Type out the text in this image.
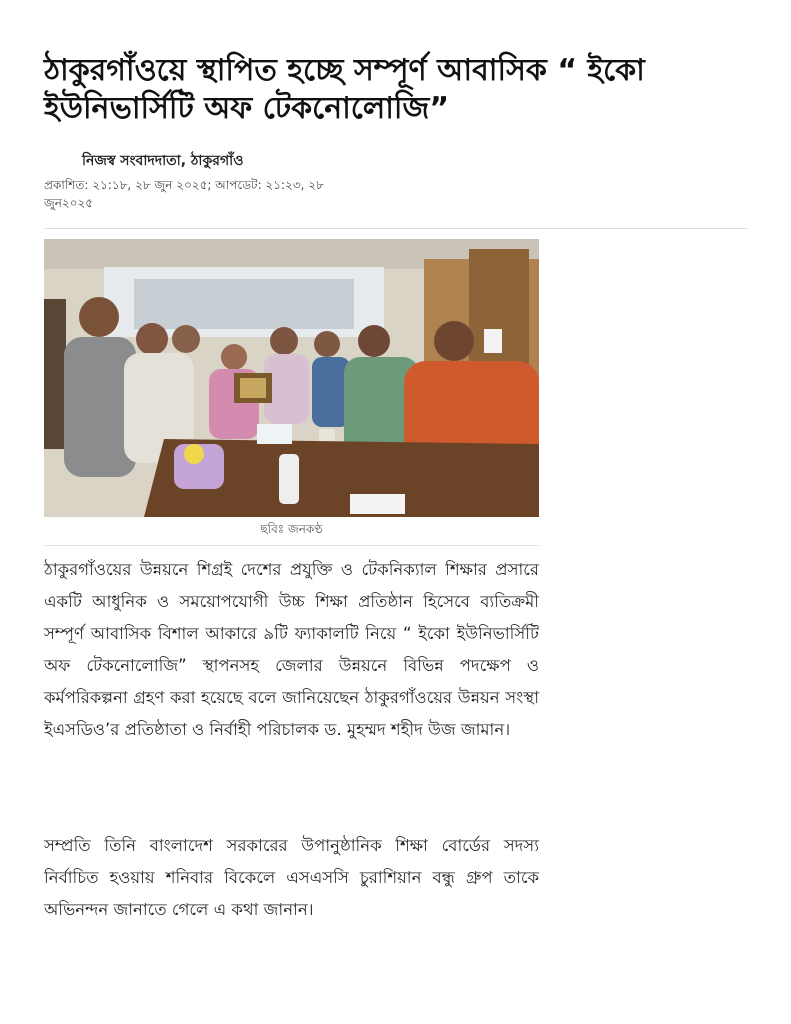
ঠাকুরগাঁওয়ে স্থাপিত হচ্ছে সম্পূর্ণ আবাসিক “ ইকো ইউনিভার্সিটি অফ টেকনোলোজি”
নিজস্ব সংবাদদাতা, ঠাকুরগাঁও
প্রকাশিত: ২১:১৮, ২৮ জুন ২০২৫; আপডেট: ২১:২৩, ২৮ জুন২০২৫
ছবিঃ জনকণ্ঠ

ঠাকুরগাঁওয়ের উন্নয়নে শিগ্রই দেশের প্রযুক্তি ও টেকনিক্যাল শিক্ষার প্রসারে একটি আধুনিক ও সময়োপযোগী উচ্চ শিক্ষা প্রতিষ্ঠান হিসেবে ব্যতিক্রমী সম্পূর্ণ আবাসিক বিশাল আকারে ৯টি ফ্যাকালটি নিয়ে “ ইকো ইউনিভার্সিটি অফ টেকনোলোজি” স্থাপনসহ জেলার উন্নয়নে বিভিন্ন পদক্ষেপ ও কর্মপরিকল্পনা গ্রহণ করা হয়েছে বলে জানিয়েছেন ঠাকুরগাঁওয়ের উন্নয়ন সংস্থা ইএসডিও’র প্রতিষ্ঠাতা ও নির্বাহী পরিচালক ড. মুহম্মদ শহীদ উজ জামান।

সম্প্রতি তিনি বাংলাদেশ সরকারের উপানুষ্ঠানিক শিক্ষা বোর্ডের সদস্য নির্বাচিত হওয়ায় শনিবার বিকেলে এসএসসি চুরাশিয়ান বন্ধু গ্রুপ তাকে অভিনন্দন জানাতে গেলে এ কথা জানান।
